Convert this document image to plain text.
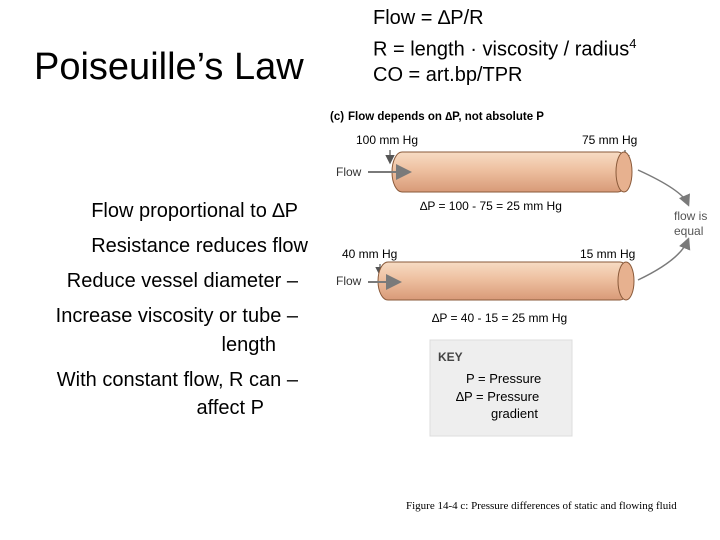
Poiseuille’s Law
Flow = ∆P/R
R = length · viscosity / radius$^4$
CO = art.bp/TPR
Flow proportional to ∆P
Resistance reduces flow
Reduce vessel diameter –
Increase viscosity or tube –
length
With constant flow, R can –
affect P
(c) Flow depends on ∆P, not absolute P
100 mm Hg	75 mm Hg
Flow
∆P = 100 - 75 = 25 mm Hg
40 mm Hg	15 mm Hg
Flow
∆P = 40 - 15 = 25 mm Hg
flow is
equal
KEY
P = Pressure
∆P = Pressure
gradient
Figure 14-4 c: Pressure differences of static and flowing fluid
